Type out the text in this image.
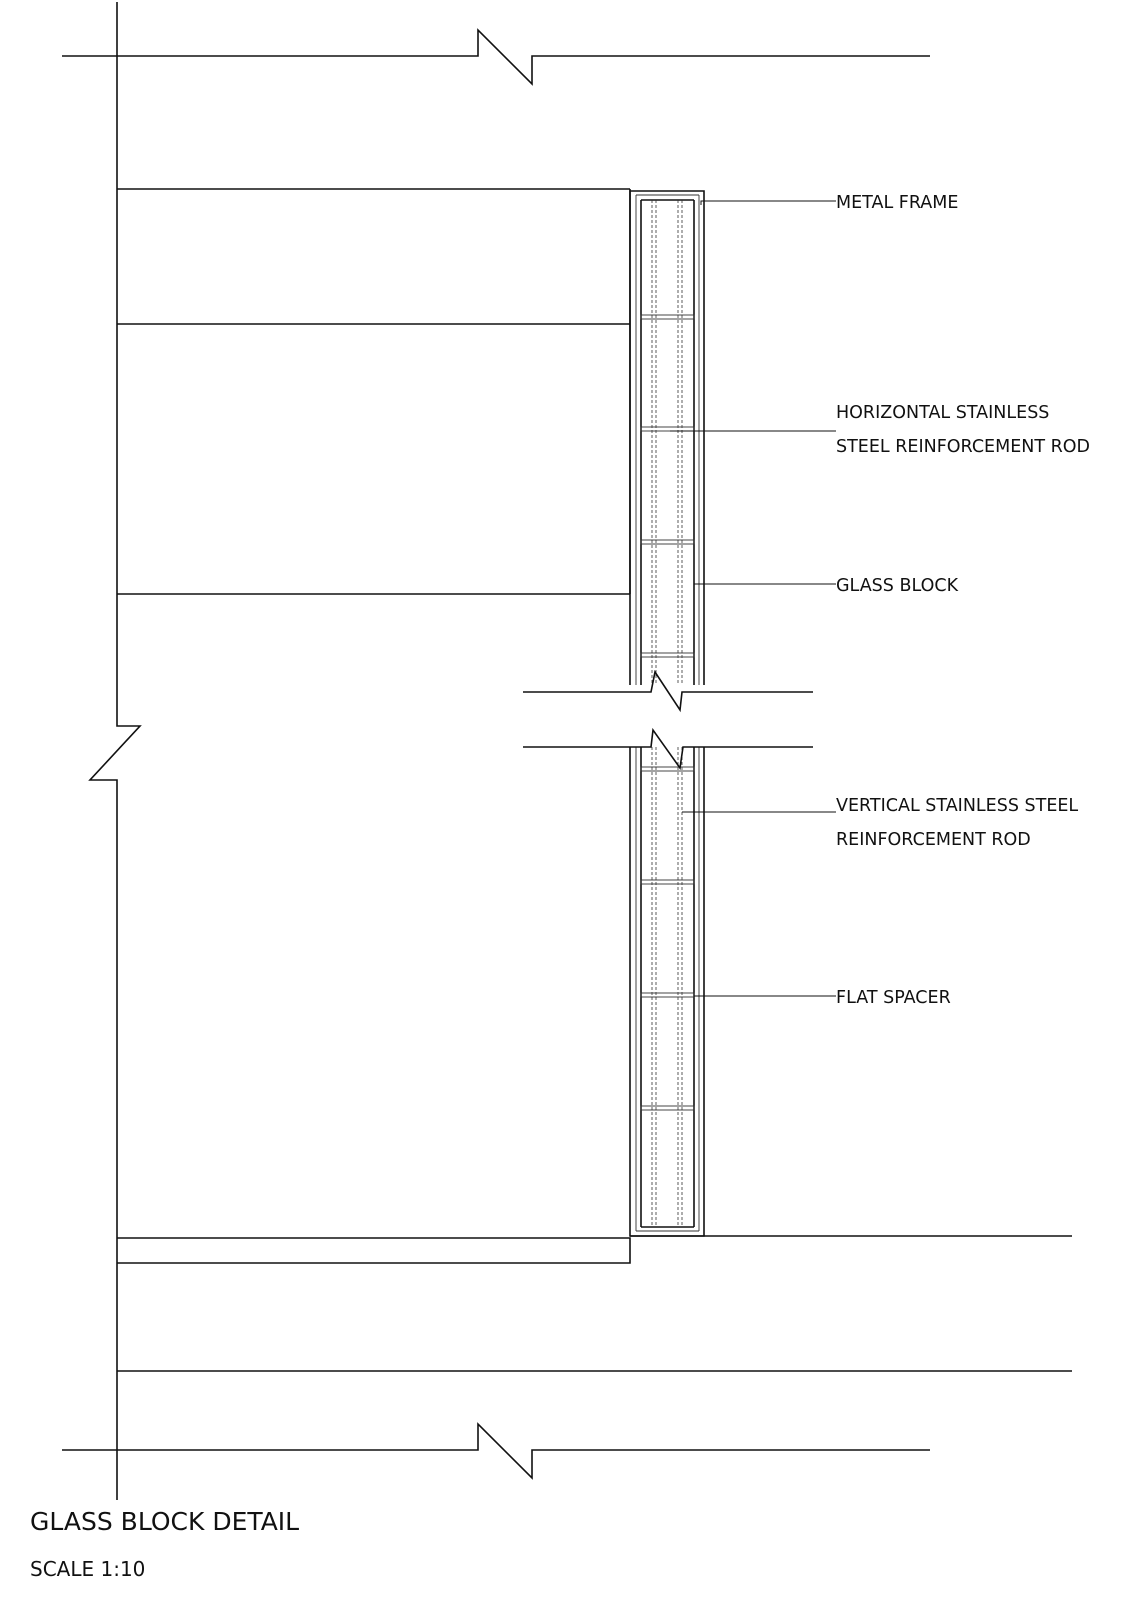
METAL FRAME
HORIZONTAL STAINLESS
STEEL REINFORCEMENT ROD
GLASS BLOCK
VERTICAL STAINLESS STEEL
REINFORCEMENT ROD
FLAT SPACER
GLASS BLOCK DETAIL
SCALE 1:10
